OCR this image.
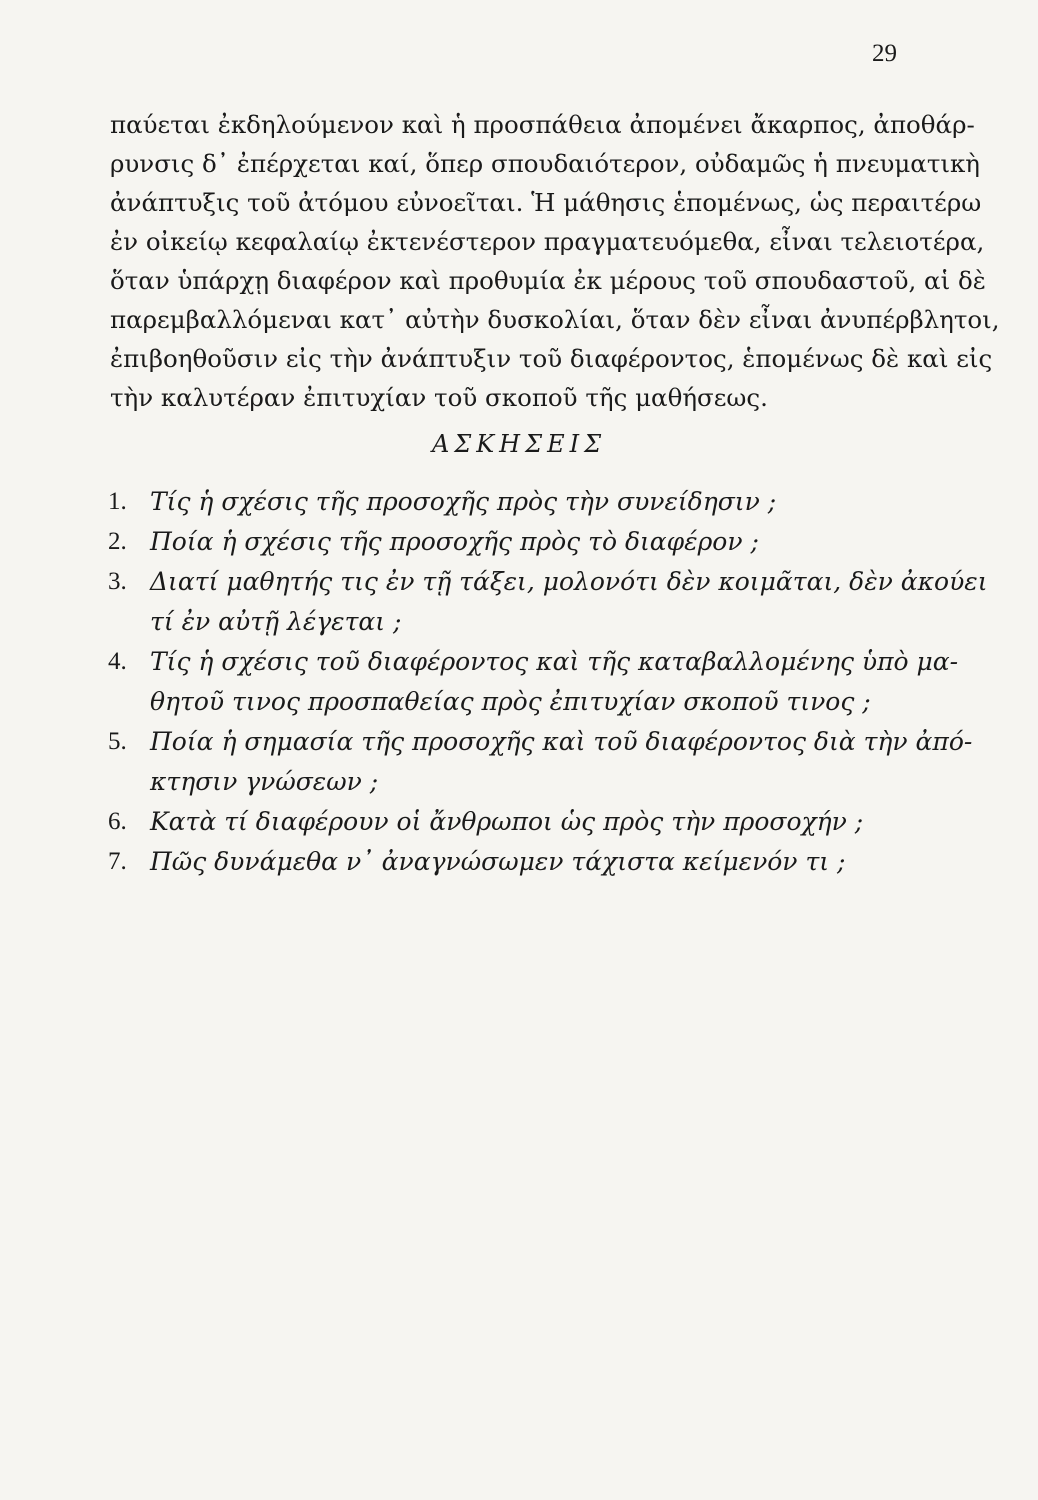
29
παύεται ἐκδηλούμενον καὶ ἡ προσπάθεια ἀπομένει ἄκαρπος, ἀποθάρ-
ρυνσις δ᾽ ἐπέρχεται καί, ὅπερ σπουδαιότερον, οὐδαμῶς ἡ πνευματικὴ
ἀνάπτυξις τοῦ ἀτόμου εὐνοεῖται. Ἡ μάθησις ἑπομένως, ὡς περαιτέρω
ἐν οἰκείῳ κεφαλαίῳ ἐκτενέστερον πραγματευόμεθα, εἶναι τελειοτέρα,
ὅταν ὑπάρχῃ διαφέρον καὶ προθυμία ἐκ μέρους τοῦ σπουδαστοῦ, αἱ δὲ
παρεμβαλλόμεναι κατ᾽ αὐτὴν δυσκολίαι, ὅταν δὲν εἶναι ἀνυπέρβλητοι,
ἐπιβοηθοῦσιν εἰς τὴν ἀνάπτυξιν τοῦ διαφέροντος, ἑπομένως δὲ καὶ εἰς
τὴν καλυτέραν ἐπιτυχίαν τοῦ σκοποῦ τῆς μαθήσεως.
ΑΣΚΗΣΕΙΣ
1. Τίς ἡ σχέσις τῆς προσοχῆς πρὸς τὴν συνείδησιν ;
2. Ποία ἡ σχέσις τῆς προσοχῆς πρὸς τὸ διαφέρον ;
3. Διατί μαθητής τις ἐν τῇ τάξει, μολονότι δὲν κοιμᾶται, δὲν ἀκούει
τί ἐν αὐτῇ λέγεται ;
4. Τίς ἡ σχέσις τοῦ διαφέροντος καὶ τῆς καταβαλλομένης ὑπὸ μα-
θητοῦ τινος προσπαθείας πρὸς ἐπιτυχίαν σκοποῦ τινος ;
5. Ποία ἡ σημασία τῆς προσοχῆς καὶ τοῦ διαφέροντος διὰ τὴν ἀπό-
κτησιν γνώσεων ;
6. Κατὰ τί διαφέρουν οἱ ἄνθρωποι ὡς πρὸς τὴν προσοχήν ;
7. Πῶς δυνάμεθα ν᾽ ἀναγνώσωμεν τάχιστα κείμενόν τι ;
